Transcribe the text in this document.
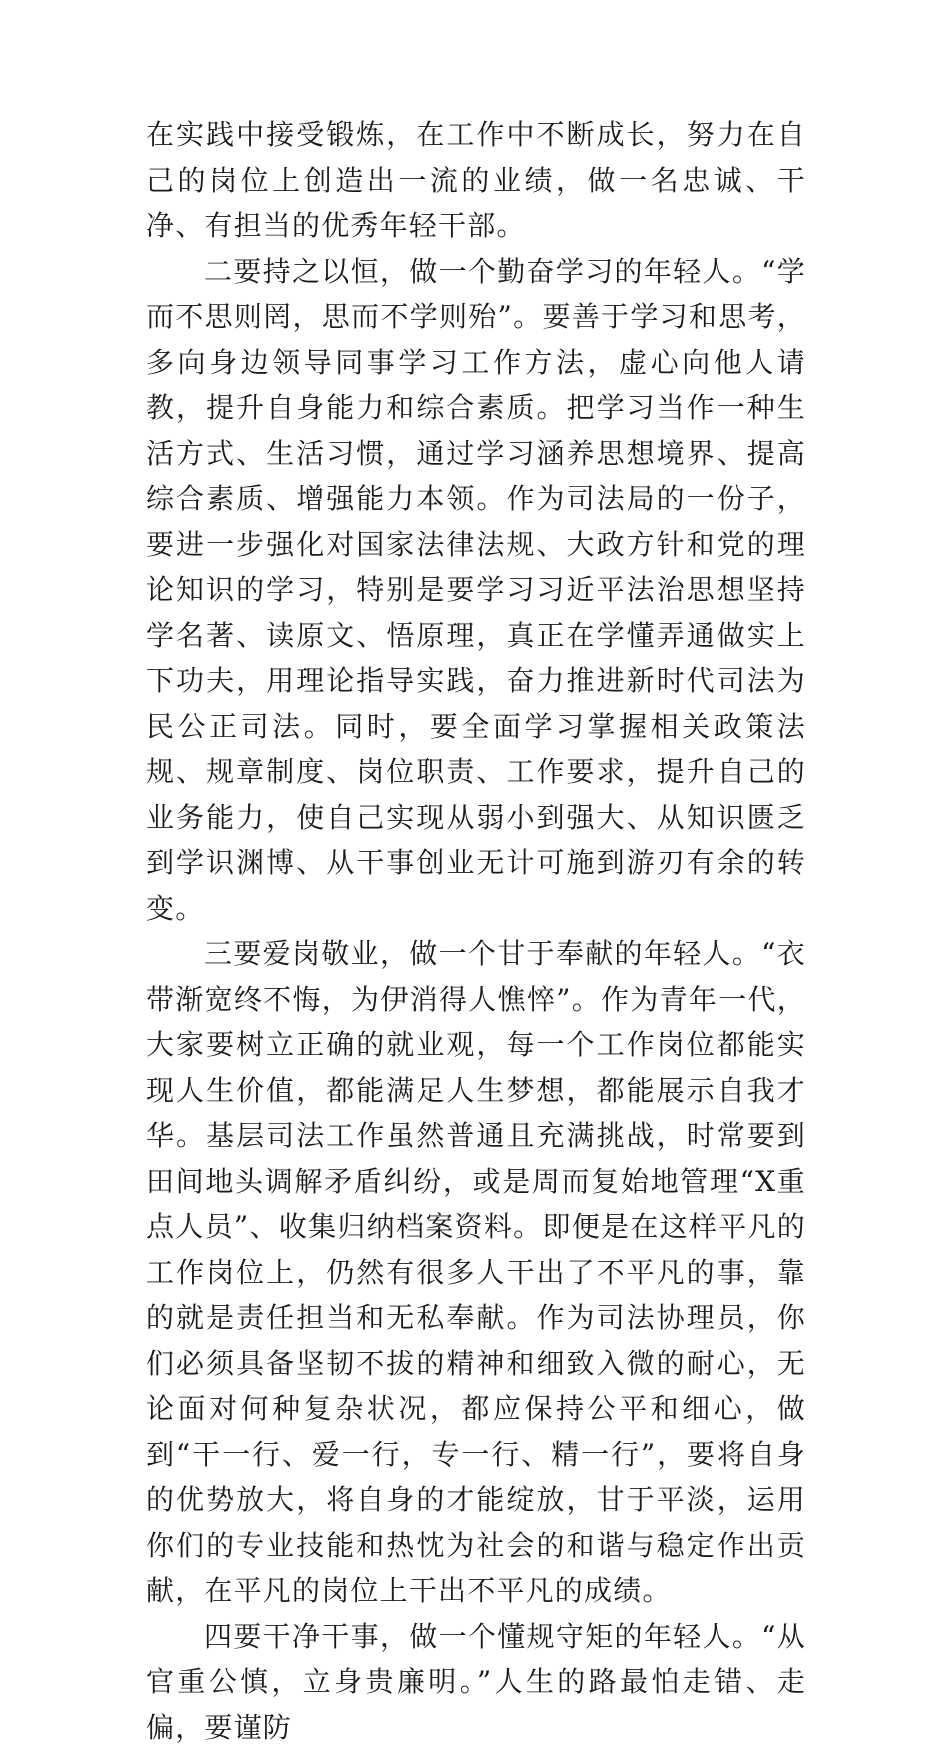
在实践中接受锻炼，在工作中不断成长，努力在自己的岗位上创造出一流的业绩，做一名忠诚、干净、有担当的优秀年轻干部。

二要持之以恒，做一个勤奋学习的年轻人。“学而不思则罔，思而不学则殆”。要善于学习和思考，多向身边领导同事学习工作方法，虚心向他人请教，提升自身能力和综合素质。把学习当作一种生活方式、生活习惯，通过学习涵养思想境界、提高综合素质、增强能力本领。作为司法局的一份子，要进一步强化对国家法律法规、大政方针和党的理论知识的学习，特别是要学习习近平法治思想坚持学名著、读原文、悟原理，真正在学懂弄通做实上下功夫，用理论指导实践，奋力推进新时代司法为民公正司法。同时，要全面学习掌握相关政策法规、规章制度、岗位职责、工作要求，提升自己的业务能力，使自己实现从弱小到强大、从知识匮乏到学识渊博、从干事创业无计可施到游刃有余的转变。

三要爱岗敬业，做一个甘于奉献的年轻人。“衣带渐宽终不悔，为伊消得人憔悴”。作为青年一代，大家要树立正确的就业观，每一个工作岗位都能实现人生价值，都能满足人生梦想，都能展示自我才华。基层司法工作虽然普通且充满挑战，时常要到田间地头调解矛盾纠纷，或是周而复始地管理“X重点人员”、收集归纳档案资料。即便是在这样平凡的工作岗位上，仍然有很多人干出了不平凡的事，靠的就是责任担当和无私奉献。作为司法协理员，你们必须具备坚韧不拔的精神和细致入微的耐心，无论面对何种复杂状况，都应保持公平和细心，做到“干一行、爱一行，专一行、精一行”，要将自身的优势放大，将自身的才能绽放，甘于平淡，运用你们的专业技能和热忱为社会的和谐与稳定作出贡献，在平凡的岗位上干出不平凡的成绩。

四要干净干事，做一个懂规守矩的年轻人。“从官重公慎，立身贵廉明。”人生的路最怕走错、走偏，要谨防
